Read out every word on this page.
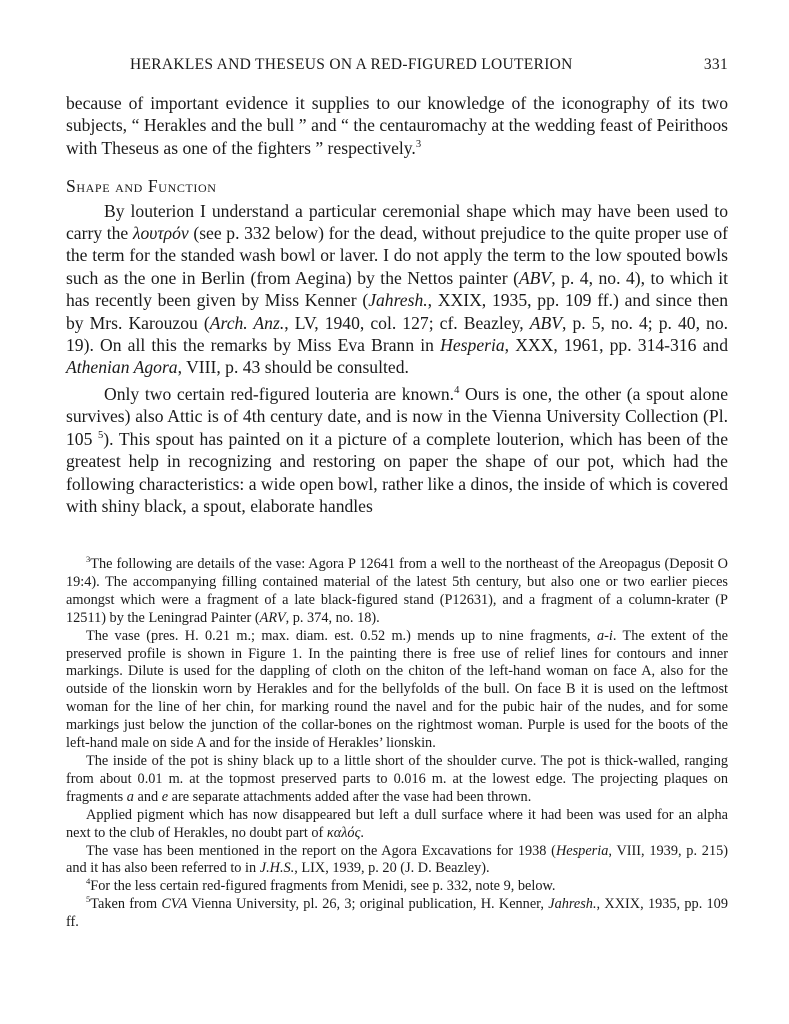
HERAKLES AND THESEUS ON A RED-FIGURED LOUTERION	331

because of important evidence it supplies to our knowledge of the iconography of its two subjects, “ Herakles and the bull ” and “ the centauromachy at the wedding feast of Peirithoos with Theseus as one of the fighters ” respectively.$^3$

Shape and Function

By louterion I understand a particular ceremonial shape which may have been used to carry the λουτρόν (see p. 332 below) for the dead, without prejudice to the quite proper use of the term for the standed wash bowl or laver. I do not apply the term to the low spouted bowls such as the one in Berlin (from Aegina) by the Nettos painter (ABV, p. 4, no. 4), to which it has recently been given by Miss Kenner (Jahresh., XXIX, 1935, pp. 109 ff.) and since then by Mrs. Karouzou (Arch. Anz., LV, 1940, col. 127; cf. Beazley, ABV, p. 5, no. 4; p. 40, no. 19). On all this the remarks by Miss Eva Brann in Hesperia, XXX, 1961, pp. 314-316 and Athenian Agora, VIII, p. 43 should be consulted.

Only two certain red-figured louteria are known.$^4$ Ours is one, the other (a spout alone survives) also Attic is of 4th century date, and is now in the Vienna University Collection (Pl. 105 $^5$). This spout has painted on it a picture of a complete louterion, which has been of the greatest help in recognizing and restoring on paper the shape of our pot, which had the following characteristics: a wide open bowl, rather like a dinos, the inside of which is covered with shiny black, a spout, elaborate handles

$^3$The following are details of the vase: Agora P 12641 from a well to the northeast of the Areopagus (Deposit O 19:4). The accompanying filling contained material of the latest 5th century, but also one or two earlier pieces amongst which were a fragment of a late black-figured stand (P12631), and a fragment of a column-krater (P 12511) by the Leningrad Painter (ARV, p. 374, no. 18).

The vase (pres. H. 0.21 m.; max. diam. est. 0.52 m.) mends up to nine fragments, a-i. The extent of the preserved profile is shown in Figure 1. In the painting there is free use of relief lines for contours and inner markings. Dilute is used for the dappling of cloth on the chiton of the left-hand woman on face A, also for the outside of the lionskin worn by Herakles and for the bellyfolds of the bull. On face B it is used on the leftmost woman for the line of her chin, for marking round the navel and for the pubic hair of the nudes, and for some markings just below the junction of the collar-bones on the rightmost woman. Purple is used for the boots of the left-hand male on side A and for the inside of Herakles’ lionskin.

The inside of the pot is shiny black up to a little short of the shoulder curve. The pot is thick-walled, ranging from about 0.01 m. at the topmost preserved parts to 0.016 m. at the lowest edge. The projecting plaques on fragments a and e are separate attachments added after the vase had been thrown.

Applied pigment which has now disappeared but left a dull surface where it had been was used for an alpha next to the club of Herakles, no doubt part of καλός.

The vase has been mentioned in the report on the Agora Excavations for 1938 (Hesperia, VIII, 1939, p. 215) and it has also been referred to in J.H.S., LIX, 1939, p. 20 (J. D. Beazley).

$^4$For the less certain red-figured fragments from Menidi, see p. 332, note 9, below.

$^5$Taken from CVA Vienna University, pl. 26, 3; original publication, H. Kenner, Jahresh., XXIX, 1935, pp. 109 ff.
